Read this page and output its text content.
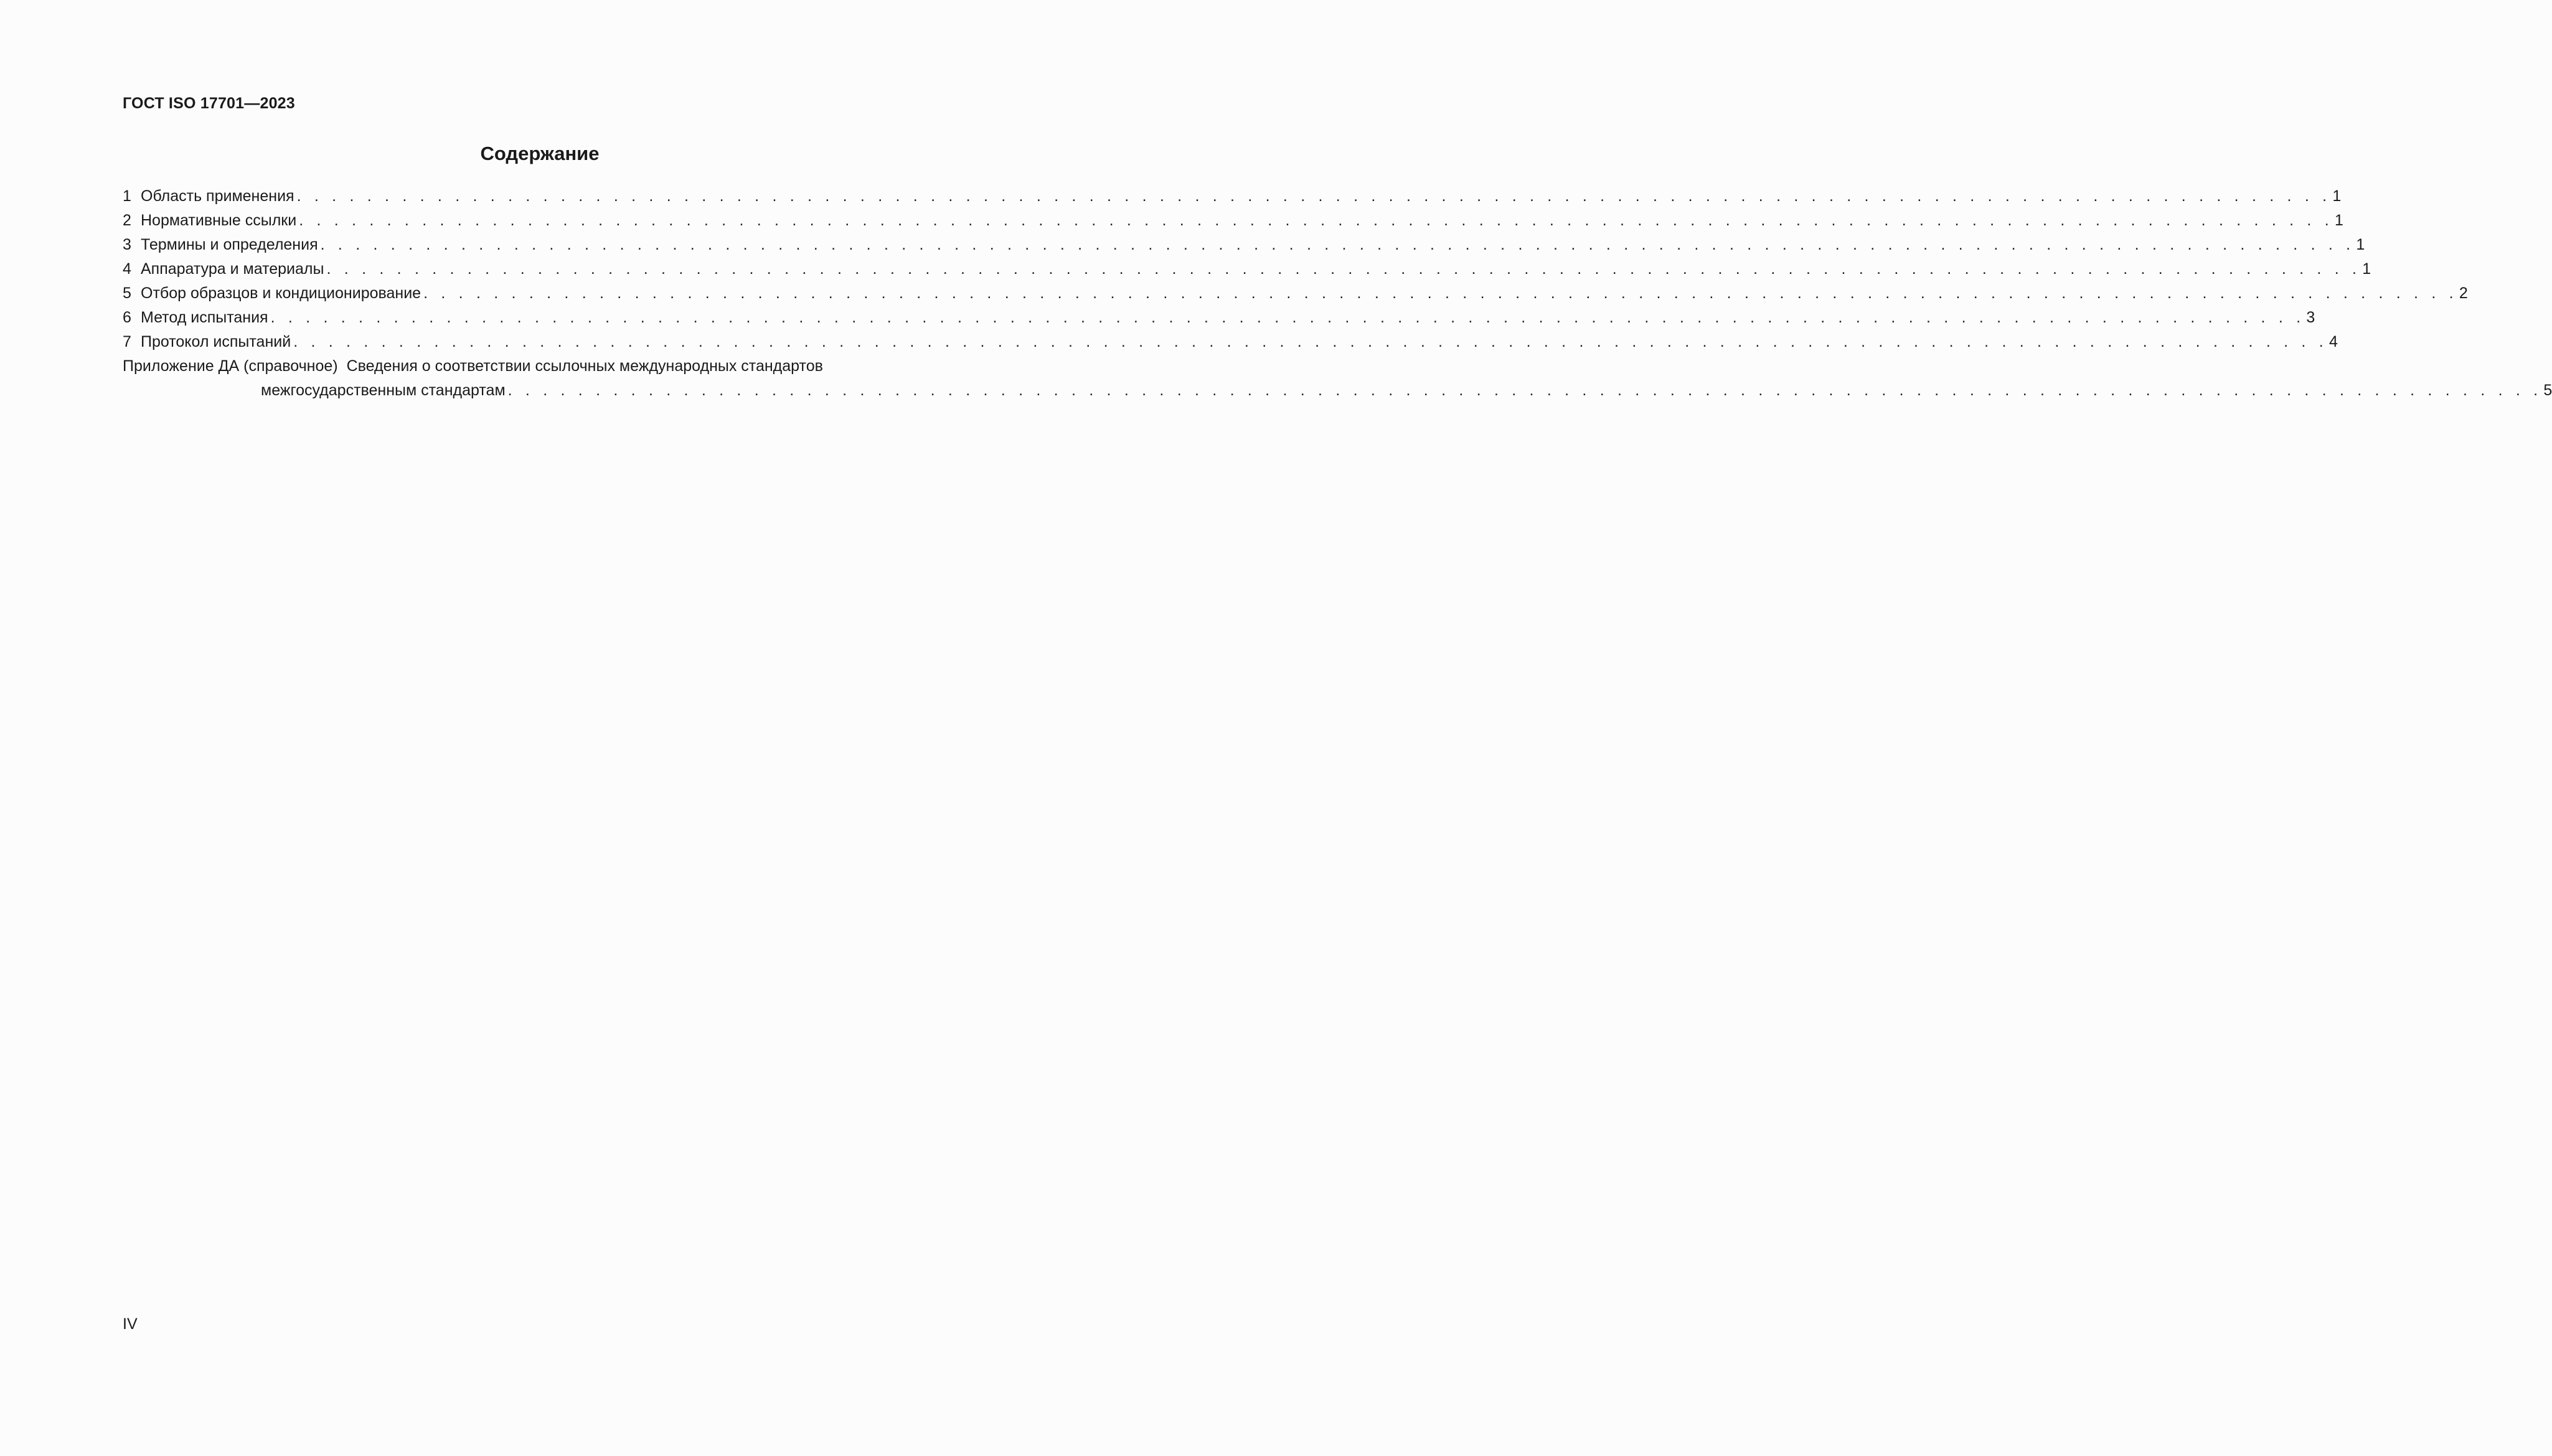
ГОСТ ISO 17701—2023
Содержание
1 Область применения . . . . . . . . . . . . . . . . . . . . . . . . . . . . . . . . . . . . . . . . . . . . . . . . . . . . . . . . . . . . . . . . . . . . . . . . . . . . . . . . . . . . . . . . . . . . . . . . . . . . . . . . . . . . . . . . . . . . 1
2 Нормативные ссылки . . . . . . . . . . . . . . . . . . . . . . . . . . . . . . . . . . . . . . . . . . . . . . . . . . . . . . . . . . . . . . . . . . . . . . . . . . . . . . . . . . . . . . . . . . . . . . . . . . . . . . . . . . . . . . . . . . . . 1
3 Термины и определения . . . . . . . . . . . . . . . . . . . . . . . . . . . . . . . . . . . . . . . . . . . . . . . . . . . . . . . . . . . . . . . . . . . . . . . . . . . . . . . . . . . . . . . . . . . . . . . . . . . . . . . . . . . . . . . . . . . . 1
4 Аппаратура и материалы . . . . . . . . . . . . . . . . . . . . . . . . . . . . . . . . . . . . . . . . . . . . . . . . . . . . . . . . . . . . . . . . . . . . . . . . . . . . . . . . . . . . . . . . . . . . . . . . . . . . . . . . . . . . . . . . . . . . 1
5 Отбор образцов и кондиционирование . . . . . . . . . . . . . . . . . . . . . . . . . . . . . . . . . . . . . . . . . . . . . . . . . . . . . . . . . . . . . . . . . . . . . . . . . . . . . . . . . . . . . . . . . . . . . . . . . . . . . . . . . . . . . . . . . . . . 2
6 Метод испытания . . . . . . . . . . . . . . . . . . . . . . . . . . . . . . . . . . . . . . . . . . . . . . . . . . . . . . . . . . . . . . . . . . . . . . . . . . . . . . . . . . . . . . . . . . . . . . . . . . . . . . . . . . . . . . . . . . . . 3
7 Протокол испытаний . . . . . . . . . . . . . . . . . . . . . . . . . . . . . . . . . . . . . . . . . . . . . . . . . . . . . . . . . . . . . . . . . . . . . . . . . . . . . . . . . . . . . . . . . . . . . . . . . . . . . . . . . . . . . . . . . . . . 4
Приложение ДА (справочное) Сведения о соответствии ссылочных международных стандартов
межгосударственным стандартам . . . . . . . . . . . . . . . . . . . . . . . . . . . . . . . . . . . . . . . . . . . . . . . . . . . . . . . . . . . . . . . . . . . . . . . . . . . . . . . . . . . . . . . . . . . . . . . . . . . . . . . . . . . . . . . . . . . . 5
IV
